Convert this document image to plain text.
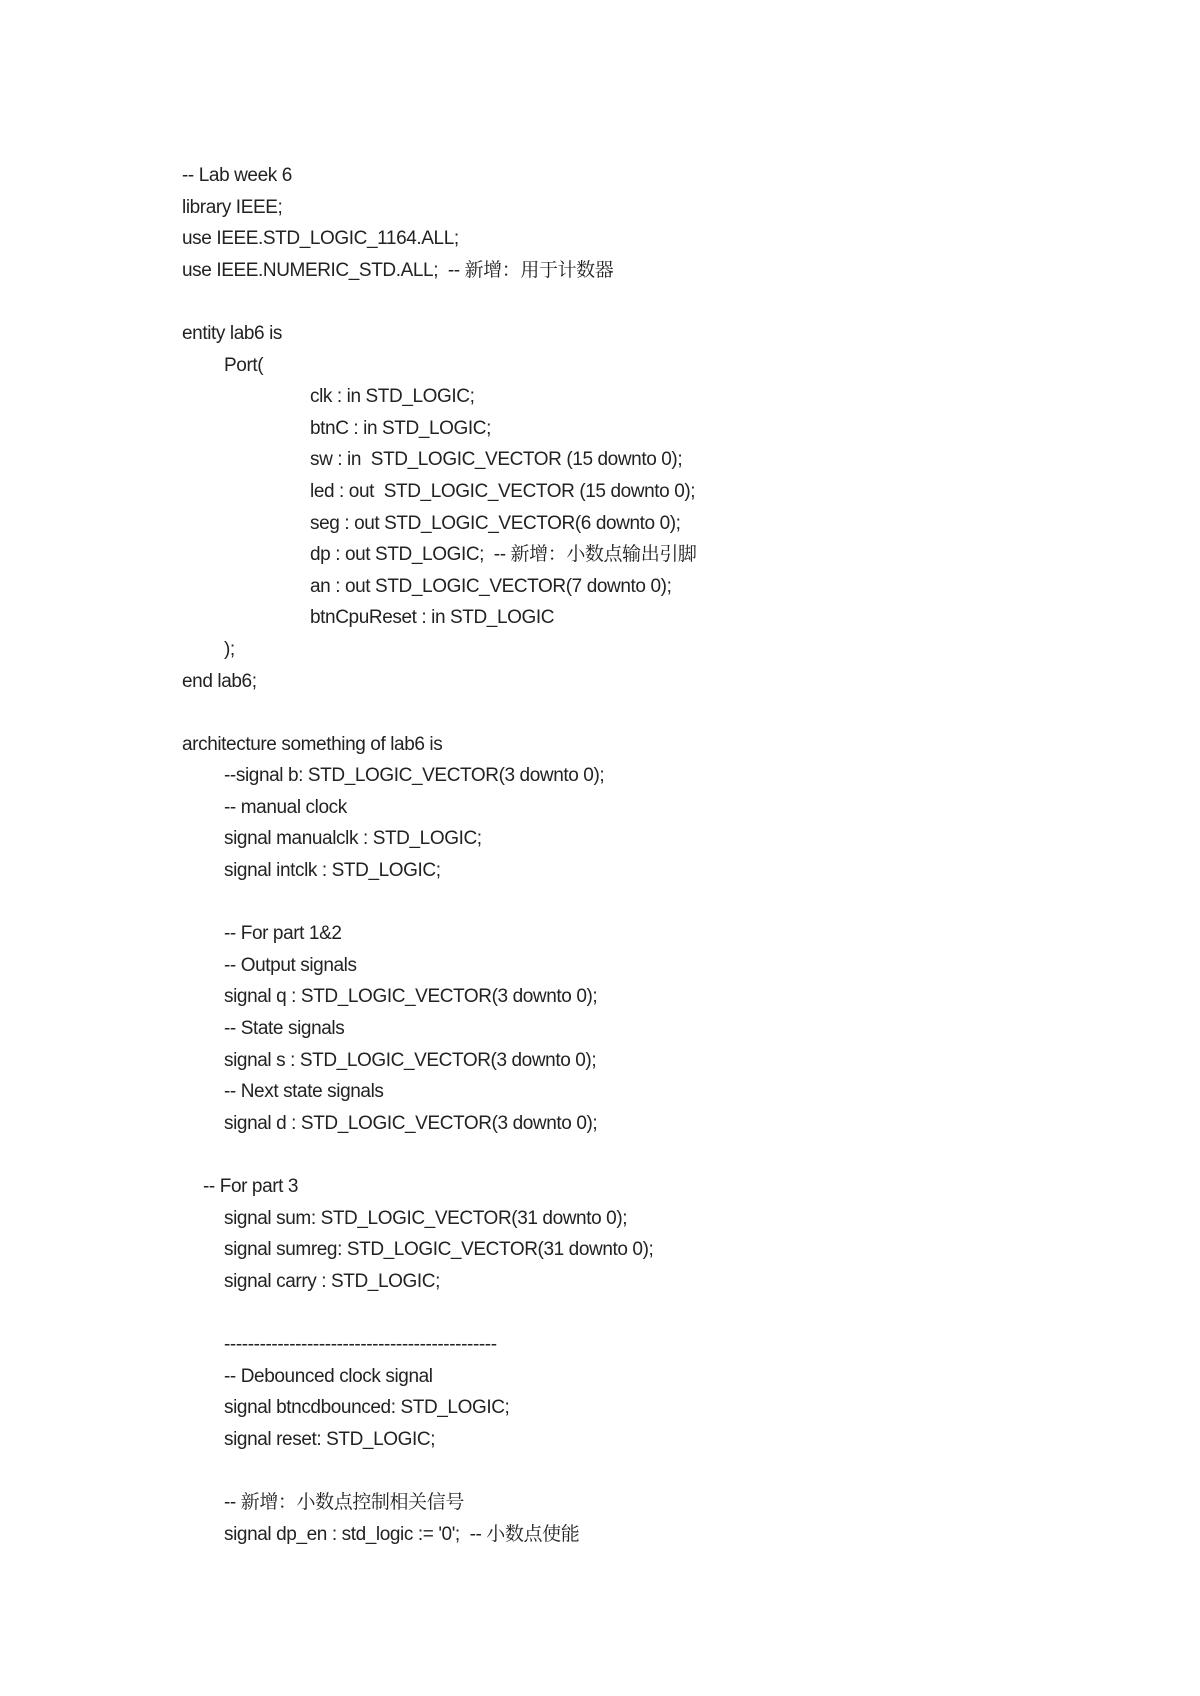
-- Lab week 6
library IEEE;
use IEEE.STD_LOGIC_1164.ALL;
use IEEE.NUMERIC_STD.ALL;  -- 新增：用于计数器
entity lab6 is
Port(
clk : in STD_LOGIC;
btnC : in STD_LOGIC;
sw : in  STD_LOGIC_VECTOR (15 downto 0);
led : out  STD_LOGIC_VECTOR (15 downto 0);
seg : out STD_LOGIC_VECTOR(6 downto 0);
dp : out STD_LOGIC;  -- 新增：小数点输出引脚
an : out STD_LOGIC_VECTOR(7 downto 0);
btnCpuReset : in STD_LOGIC
);
end lab6;
architecture something of lab6 is
--signal b: STD_LOGIC_VECTOR(3 downto 0);
-- manual clock
signal manualclk : STD_LOGIC;
signal intclk : STD_LOGIC;
-- For part 1&2
-- Output signals
signal q : STD_LOGIC_VECTOR(3 downto 0);
-- State signals
signal s : STD_LOGIC_VECTOR(3 downto 0);
-- Next state signals
signal d : STD_LOGIC_VECTOR(3 downto 0);
-- For part 3
signal sum: STD_LOGIC_VECTOR(31 downto 0);
signal sumreg: STD_LOGIC_VECTOR(31 downto 0);
signal carry : STD_LOGIC;
----------------------------------------------
-- Debounced clock signal
signal btncdbounced: STD_LOGIC;
signal reset: STD_LOGIC;
-- 新增：小数点控制相关信号
signal dp_en : std_logic := '0';  -- 小数点使能
